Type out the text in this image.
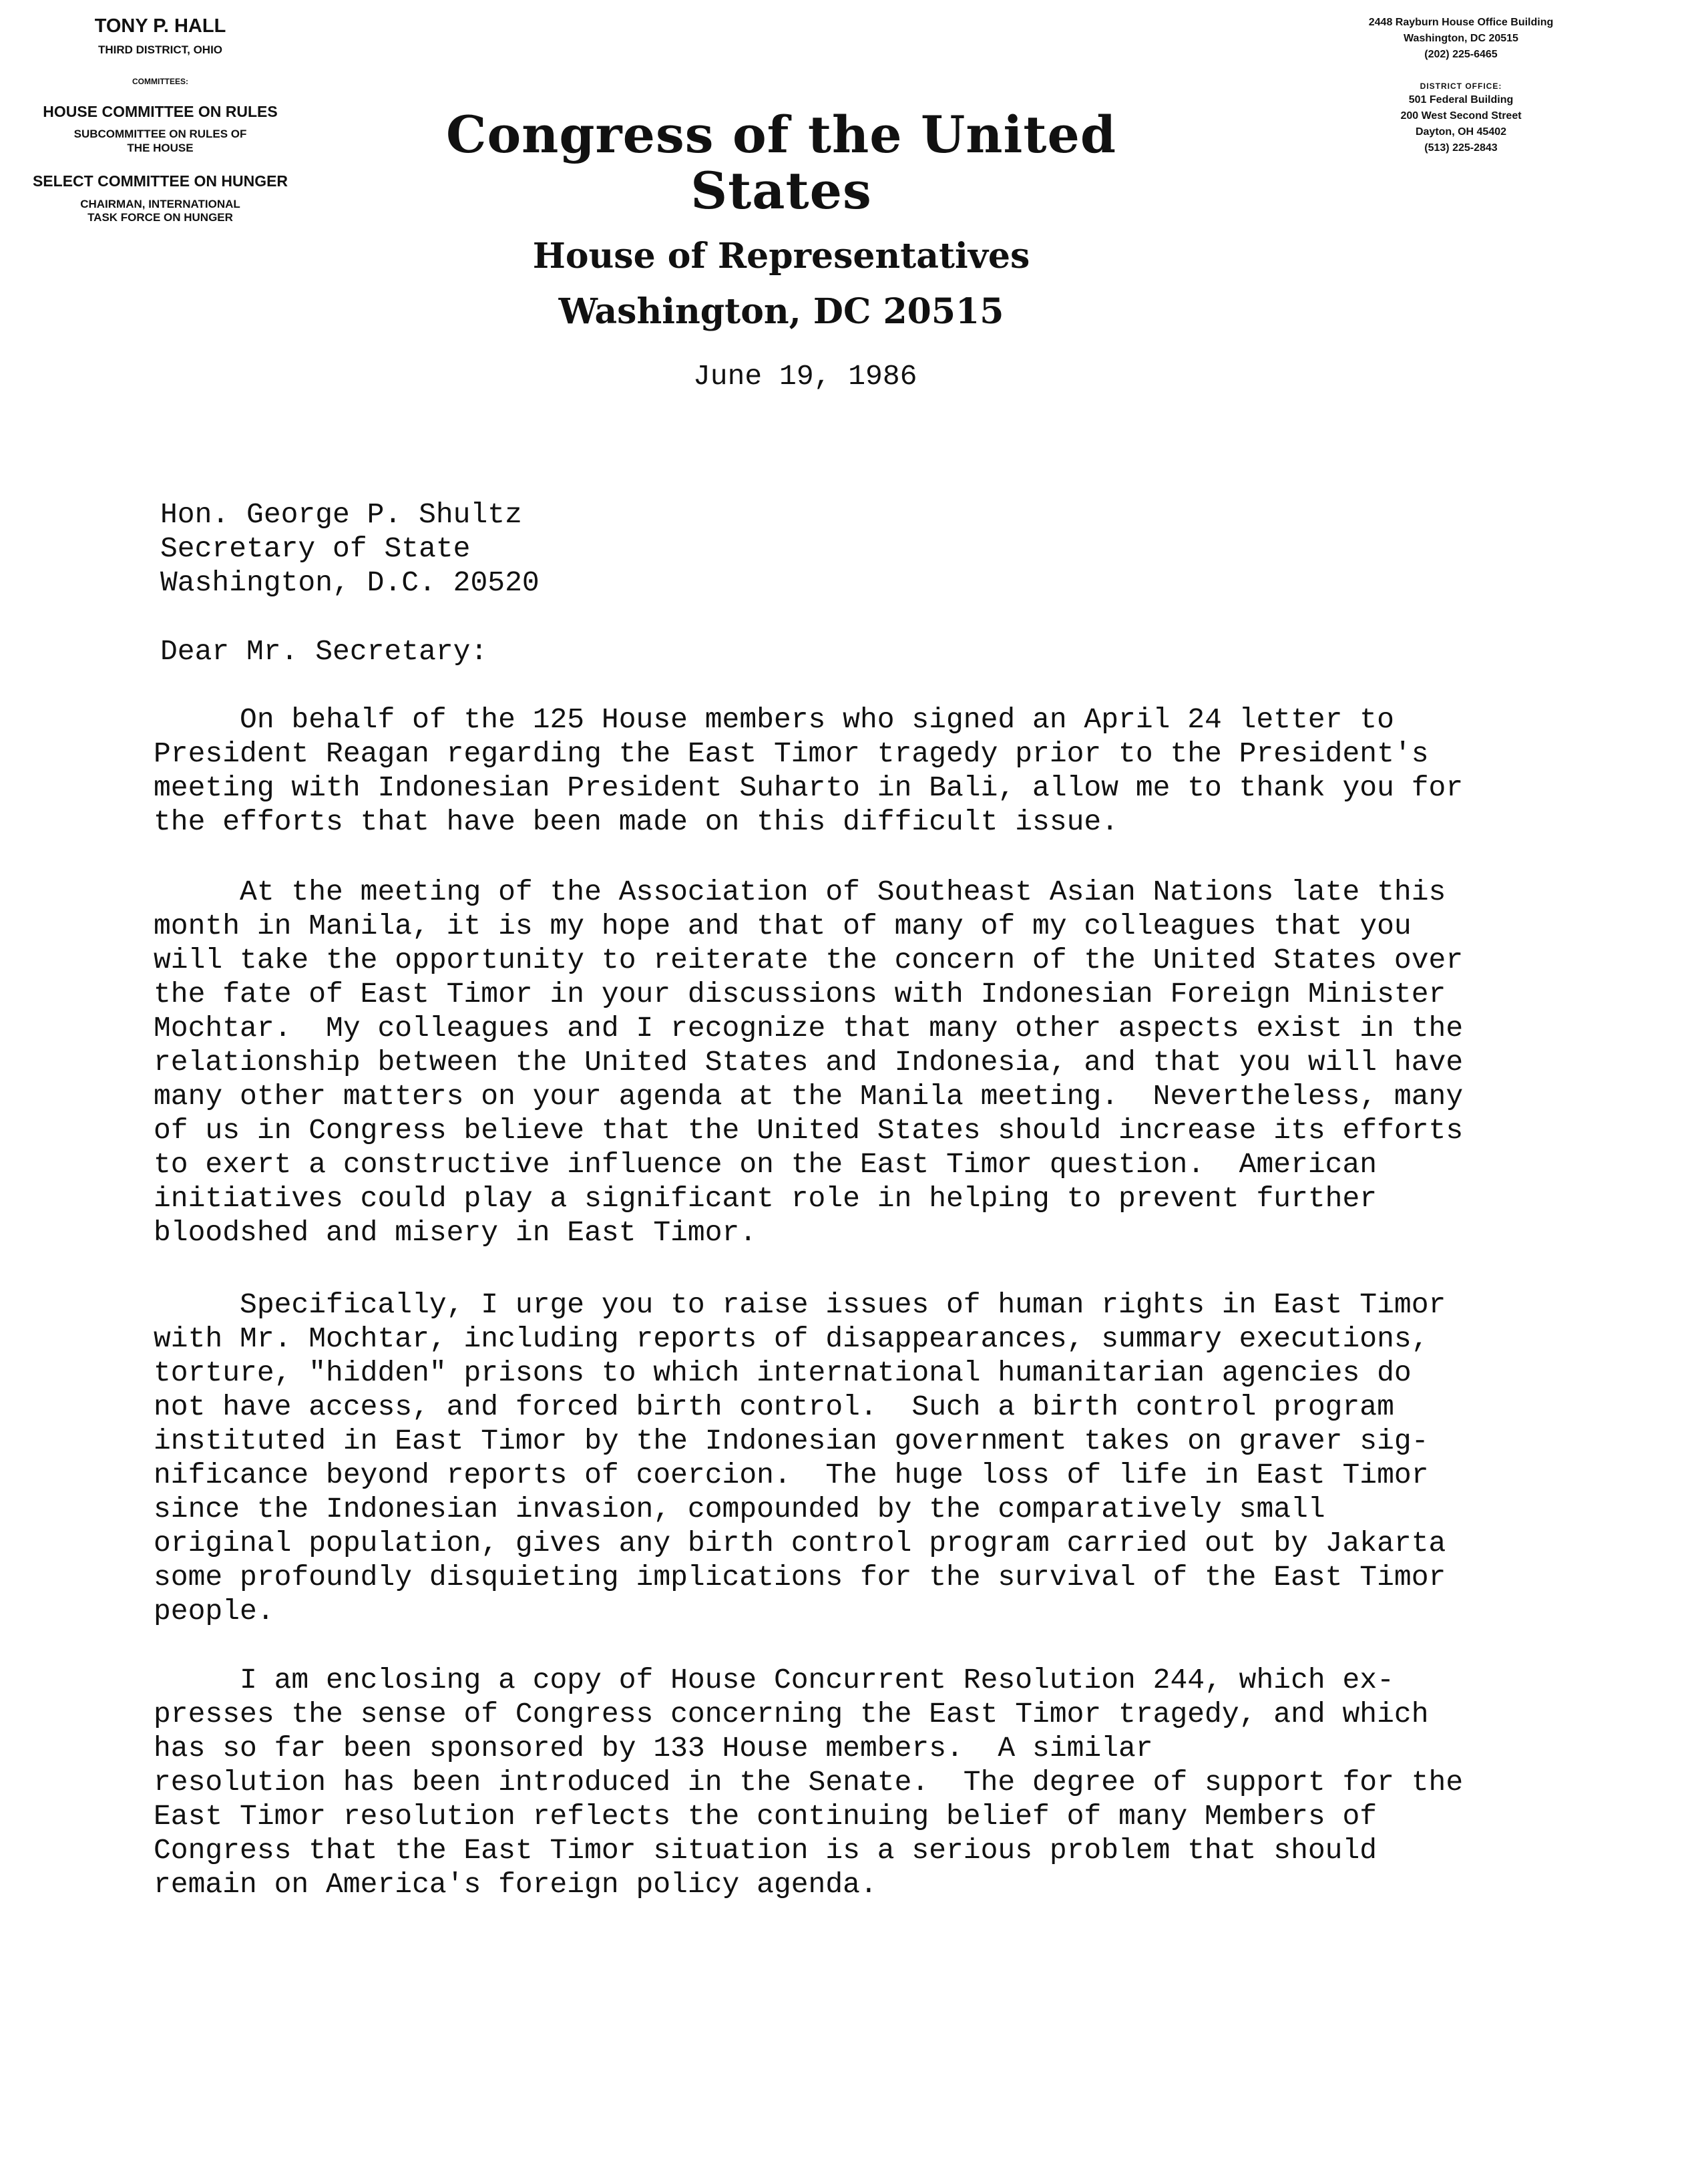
TONY P. HALL
THIRD DISTRICT, OHIO
COMMITTEES:
HOUSE COMMITTEE ON RULES
SUBCOMMITTEE ON RULES OF
THE HOUSE
SELECT COMMITTEE ON HUNGER
CHAIRMAN, INTERNATIONAL
TASK FORCE ON HUNGER
2448 Rayburn House Office Building
Washington, DC 20515
(202) 225-6465
DISTRICT OFFICE:
501 Federal Building
200 West Second Street
Dayton, OH 45402
(513) 225-2843
Congress of the United States
House of Representatives
Washington, DC 20515
June 19, 1986
Hon. George P. Shultz
Secretary of State
Washington, D.C. 20520
Dear Mr. Secretary:
On behalf of the 125 House members who signed an April 24 letter to
President Reagan regarding the East Timor tragedy prior to the President's
meeting with Indonesian President Suharto in Bali, allow me to thank you for
the efforts that have been made on this difficult issue.
At the meeting of the Association of Southeast Asian Nations late this
month in Manila, it is my hope and that of many of my colleagues that you
will take the opportunity to reiterate the concern of the United States over
the fate of East Timor in your discussions with Indonesian Foreign Minister
Mochtar.  My colleagues and I recognize that many other aspects exist in the
relationship between the United States and Indonesia, and that you will have
many other matters on your agenda at the Manila meeting.  Nevertheless, many
of us in Congress believe that the United States should increase its efforts
to exert a constructive influence on the East Timor question.  American
initiatives could play a significant role in helping to prevent further
bloodshed and misery in East Timor.
Specifically, I urge you to raise issues of human rights in East Timor
with Mr. Mochtar, including reports of disappearances, summary executions,
torture, "hidden" prisons to which international humanitarian agencies do
not have access, and forced birth control.  Such a birth control program
instituted in East Timor by the Indonesian government takes on graver sig-
nificance beyond reports of coercion.  The huge loss of life in East Timor
since the Indonesian invasion, compounded by the comparatively small
original population, gives any birth control program carried out by Jakarta
some profoundly disquieting implications for the survival of the East Timor
people.
I am enclosing a copy of House Concurrent Resolution 244, which ex-
presses the sense of Congress concerning the East Timor tragedy, and which
has so far been sponsored by 133 House members.  A similar
resolution has been introduced in the Senate.  The degree of support for the
East Timor resolution reflects the continuing belief of many Members of
Congress that the East Timor situation is a serious problem that should
remain on America's foreign policy agenda.
